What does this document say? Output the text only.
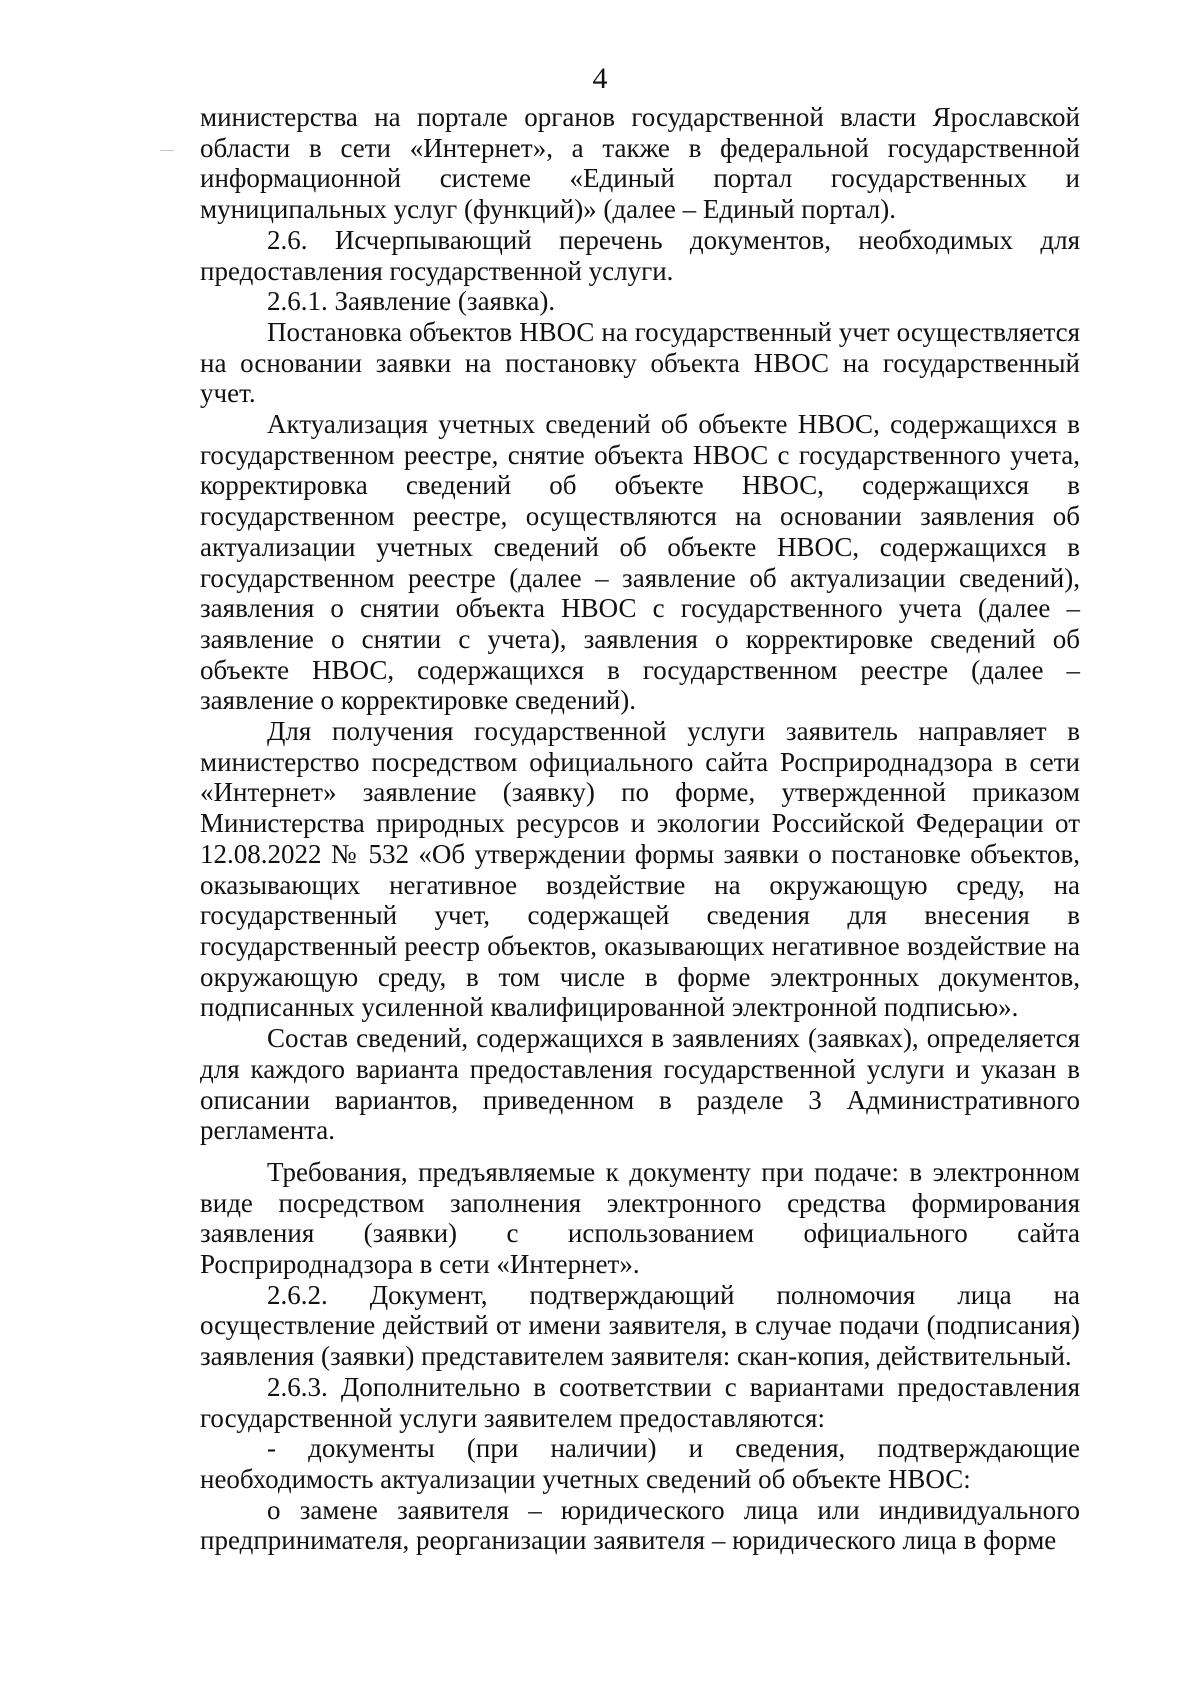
4

министерства на портале органов государственной власти Ярославской области в сети «Интернет», а также в федеральной государственной информационной системе «Единый портал государственных и муниципальных услуг (функций)» (далее – Единый портал).

2.6. Исчерпывающий перечень документов, необходимых для предоставления государственной услуги.

2.6.1. Заявление (заявка).

Постановка объектов НВОС на государственный учет осуществляется на основании заявки на постановку объекта НВОС на государственный учет.

Актуализация учетных сведений об объекте НВОС, содержащихся в государственном реестре, снятие объекта НВОС с государственного учета, корректировка сведений об объекте НВОС, содержащихся в государственном реестре, осуществляются на основании заявления об актуализации учетных сведений об объекте НВОС, содержащихся в государственном реестре (далее – заявление об актуализации сведений), заявления о снятии объекта НВОС с государственного учета (далее – заявление о снятии с учета), заявления о корректировке сведений об объекте НВОС, содержащихся в государственном реестре (далее – заявление о корректировке сведений).

Для получения государственной услуги заявитель направляет в министерство посредством официального сайта Росприроднадзора в сети «Интернет» заявление (заявку) по форме, утвержденной приказом Министерства природных ресурсов и экологии Российской Федерации от 12.08.2022 № 532 «Об утверждении формы заявки о постановке объектов, оказывающих негативное воздействие на окружающую среду, на государственный учет, содержащей сведения для внесения в государственный реестр объектов, оказывающих негативное воздействие на окружающую среду, в том числе в форме электронных документов, подписанных усиленной квалифицированной электронной подписью».

Состав сведений, содержащихся в заявлениях (заявках), определяется для каждого варианта предоставления государственной услуги и указан в описании вариантов, приведенном в разделе 3 Административного регламента.

Требования, предъявляемые к документу при подаче: в электронном виде посредством заполнения электронного средства формирования заявления (заявки) с использованием официального сайта Росприроднадзора в сети «Интернет».

2.6.2. Документ, подтверждающий полномочия лица на осуществление действий от имени заявителя, в случае подачи (подписания) заявления (заявки) представителем заявителя: скан-копия, действительный.

2.6.3. Дополнительно в соответствии с вариантами предоставления государственной услуги заявителем предоставляются:

- документы (при наличии) и сведения, подтверждающие необходимость актуализации учетных сведений об объекте НВОС:

о замене заявителя – юридического лица или индивидуального предпринимателя, реорганизации заявителя – юридического лица в форме
